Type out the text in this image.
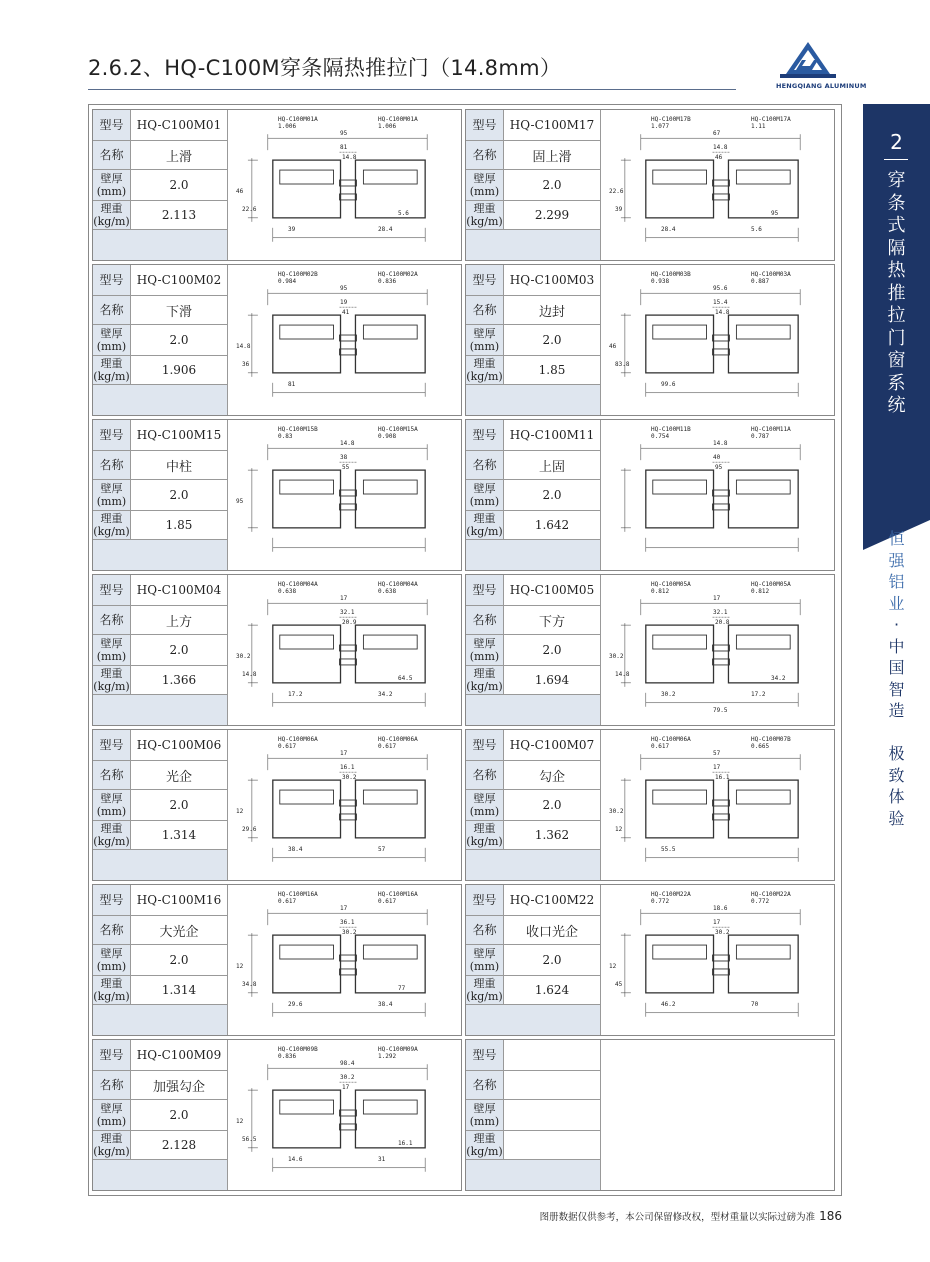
2.6.2、HQ-C100M穿条隔热推拉门（14.8mm）
HENGQIANG ALUMINUM
2
穿
条
式
隔
热
推
拉
门
窗
系
统
恒
强
铝
业
·
中
国
智
造

极
致
体
验
型号	HQ-C100M01
名称	上滑
壁厚
(mm)	2.0
理重
(kg/m)	2.113
HQ-C100M01A
1.006
HQ-C100M01A
1.006
95
81
14.8
46
22.6
39	28.4
5.6
型号	HQ-C100M17
名称	固上滑
壁厚
(mm)	2.0
理重
(kg/m)	2.299
HQ-C100M17B
1.077
HQ-C100M17A
1.11
67
14.8
46
22.6
39
28.4	5.6
95
型号	HQ-C100M02
名称	下滑
壁厚
(mm)	2.0
理重
(kg/m)	1.906
HQ-C100M02B
0.984
HQ-C100M02A
0.836
95
19
41
14.8
36
81
型号	HQ-C100M03
名称	边封
壁厚
(mm)	2.0
理重
(kg/m)	1.85
HQ-C100M03B
0.938
HQ-C100M03A
0.887
95.6
15.4
14.8
46
83.8
99.6
型号	HQ-C100M15
名称	中柱
壁厚
(mm)	2.0
理重
(kg/m)	1.85
HQ-C100M15B
0.83
HQ-C100M15A
0.908
14.8
38
55
95
型号	HQ-C100M11
名称	上固
壁厚
(mm)	2.0
理重
(kg/m)	1.642
HQ-C100M11B
0.754
HQ-C100M11A
0.787
14.8
40
95
型号	HQ-C100M04
名称	上方
壁厚
(mm)	2.0
理重
(kg/m)	1.366
HQ-C100M04A
0.638
HQ-C100M04A
0.638
17
32.1
20.9
30.2
14.8
17.2	34.2
64.5
型号	HQ-C100M05
名称	下方
壁厚
(mm)	2.0
理重
(kg/m)	1.694
HQ-C100M05A
0.812
HQ-C100M05A
0.812
17
32.1
20.8
30.2
14.8
30.2	17.2
34.2
79.5
型号	HQ-C100M06
名称	光企
壁厚
(mm)	2.0
理重
(kg/m)	1.314
HQ-C100M06A
0.617
HQ-C100M06A
0.617
17
16.1
30.2
12
29.6
38.4	57
型号	HQ-C100M07
名称	勾企
壁厚
(mm)	2.0
理重
(kg/m)	1.362
HQ-C100M06A
0.617
HQ-C100M07B
0.665
57
17
16.1
30.2
12
55.5
型号	HQ-C100M16
名称	大光企
壁厚
(mm)	2.0
理重
(kg/m)	1.314
HQ-C100M16A
0.617
HQ-C100M16A
0.617
17
36.1
30.2
12
34.8
29.6	38.4
77
型号	HQ-C100M22
名称	收口光企
壁厚
(mm)	2.0
理重
(kg/m)	1.624
HQ-C100M22A
0.772
HQ-C100M22A
0.772
18.6
17
30.2
12
45
46.2	70
型号	HQ-C100M09
名称	加强勾企
壁厚
(mm)	2.0
理重
(kg/m)	2.128
HQ-C100M09B
0.836
HQ-C100M09A
1.292
98.4
30.2
17
12
56.5
14.6	31
16.1
型号
名称
壁厚
(mm)
理重
(kg/m)
图册数据仅供参考，本公司保留修改权，型材重量以实际过磅为准 186
